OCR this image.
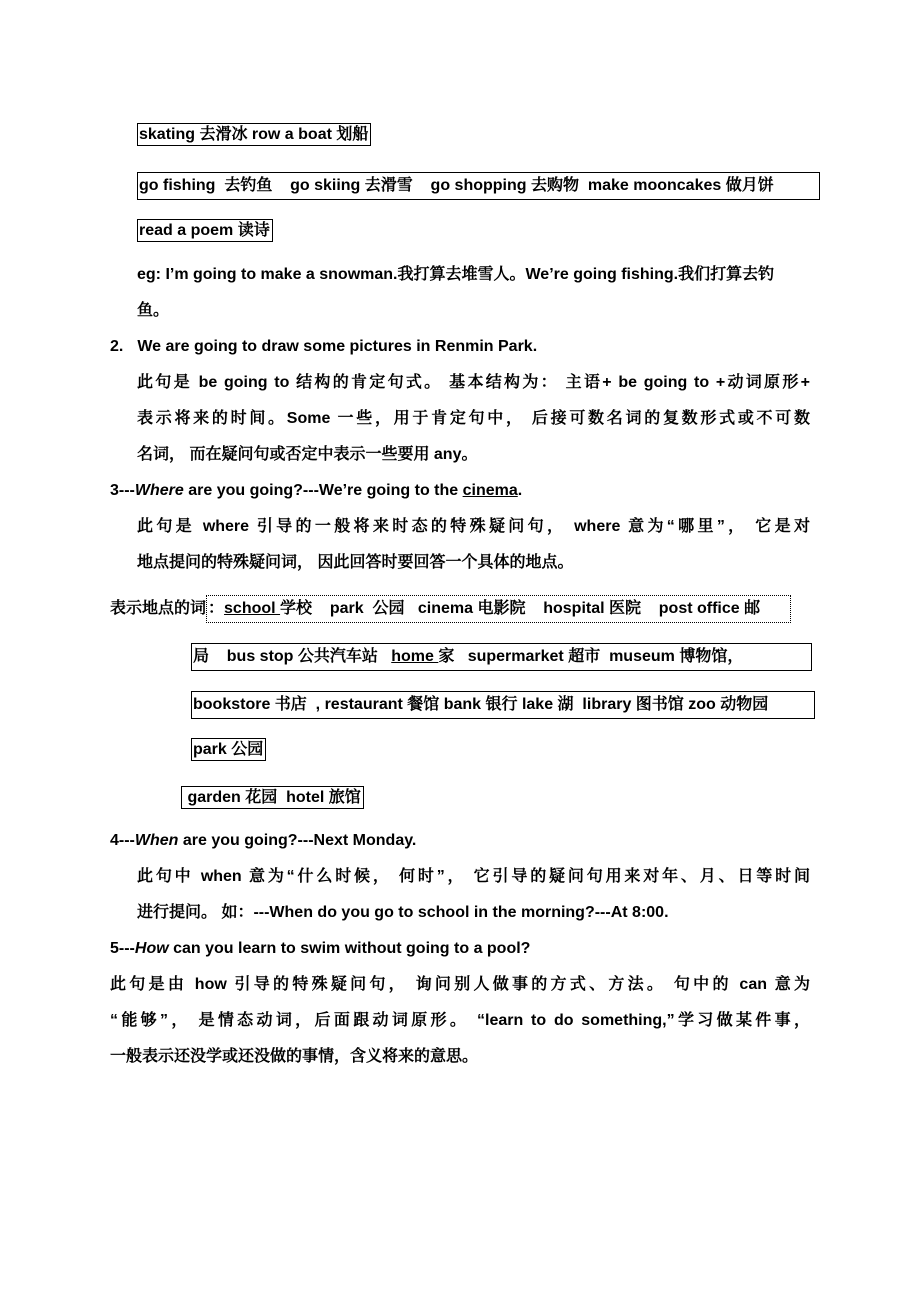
skating 去滑冰 row a boat 划船
go fishing  去钓鱼    go skiing 去滑雪    go shopping 去购物  make mooncakes 做月饼
read a poem 读诗
eg: I’m going to make a snowman.我打算去堆雪人。We’re going fishing.我们打算去钓
鱼。
2. We are going to draw some pictures in Renmin Park.
此句是 be going to 结构的肯定句式。 基本结构为： 主语+ be going to +动词原形+
表示将来的时间。Some 一些，用于肯定句中， 后接可数名词的复数形式或不可数
名词， 而在疑问句或否定中表示一些要用 any。
3---Where are you going?---We’re going to the cinema.
此句是 where 引导的一般将来时态的特殊疑问句， where 意为“哪里”， 它是对
地点提问的特殊疑问词， 因此回答时要回答一个具体的地点。
表示地点的词 ：school 学校    park  公园   cinema 电影院    hospital 医院    post office 邮
局    bus stop 公共汽车站   home 家   supermarket 超市  museum 博物馆，
bookstore 书店  , restaurant 餐馆 bank 银行 lake 湖  library 图书馆 zoo 动物园
park 公园
garden 花园  hotel 旅馆
4---When are you going?---Next Monday.
此句中 when 意为“什么时候， 何时”， 它引导的疑问句用来对年、月、日等时间
进行提问。 如：---When do you go to school in the morning?---At 8:00.
5---How can you learn to swim without going to a pool?
此句是由 how 引导的特殊疑问句， 询问别人做事的方式、方法。 句中的 can 意为
“能够”， 是情态动词，后面跟动词原形。 “learn to do something,”学习做某件事，
一般表示还没学或还没做的事情，含义将来的意思。
